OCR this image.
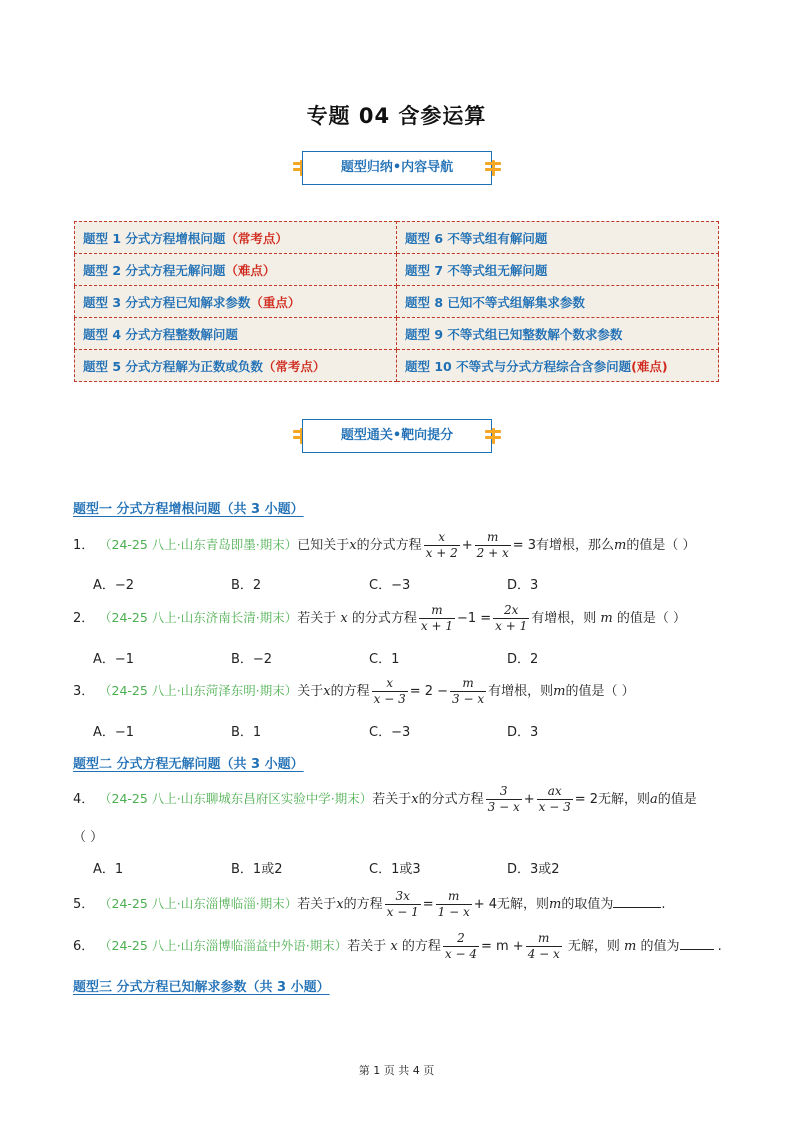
专题 04 含参运算
题型归纳•内容导航
题型 1 分式方程增根问题（常考点）	题型 6 不等式组有解问题
题型 2 分式方程无解问题（难点）	题型 7 不等式组无解问题
题型 3 分式方程已知解求参数（重点）	题型 8 已知不等式组解集求参数
题型 4 分式方程整数解问题	题型 9 不等式组已知整数解个数求参数
题型 5 分式方程解为正数或负数（常考点）	题型 10 不等式与分式方程综合含参问题(难点)
题型通关•靶向提分
题型一 分式方程增根问题（共 3 小题）
1． （24-25 八上·山东青岛即墨·期末）已知关于x的分式方程 $\frac{x}{x + 2} + \frac{m}{2 + x} = 3$有增根，那么m的值是（ ）
A．−2	B．2	C．−3	D．3
2． （24-25 八上·山东济南长清·期末）若关于 x 的分式方程 $\frac{m}{x + 1} -1 = \frac{2x}{x + 1}$ 有增根，则 m 的值是（ ）
A．−1	B．−2	C．1	D．2
3． （24-25 八上·山东菏泽东明·期末）关于x的方程 $\frac{x}{x - 3} = 2 - \frac{m}{3 - x}$ 有增根，则m的值是（ ）
A．−1	B．1	C．−3	D．3
题型二 分式方程无解问题（共 3 小题）
4． （24-25 八上·山东聊城东昌府区实验中学·期末）若关于x的分式方程 $\frac{3}{3 - x} + \frac{ax}{x - 3} = 2$无解，则a的值是
（ ）
A．1	B．1或2	C．1或3	D．3或2
5． （24-25 八上·山东淄博临淄·期末）若关于x的方程 $\frac{3x}{x - 1} = \frac{m}{1 - x} + 4$无解，则m的取值为	.
6． （24-25 八上·山东淄博临淄益中外语·期末）若关于 x 的方程 $\frac{2}{x - 4} = m + \frac{m}{4 - x}$ 无解，则 m 的值为	.
题型三 分式方程已知解求参数（共 3 小题）
第 1 页 共 4 页
